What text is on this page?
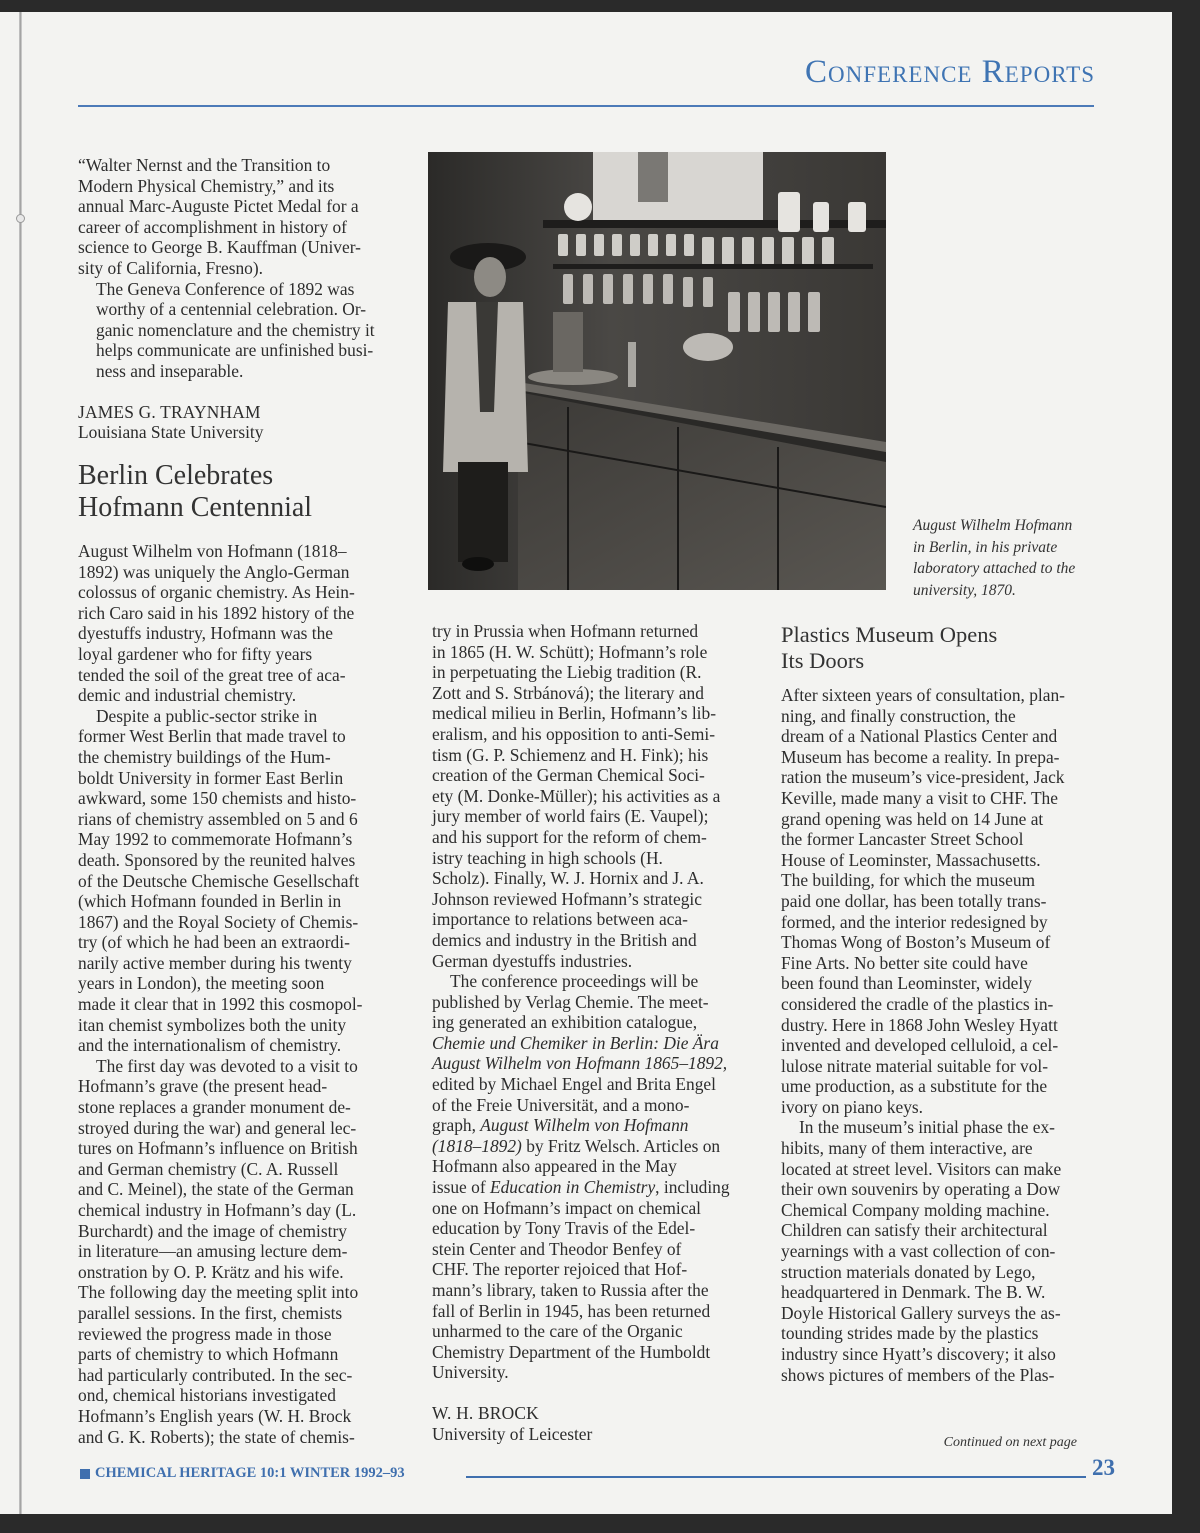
Conference Reports

“Walter Nernst and the Transition to
Modern Physical Chemistry,” and its
annual Marc-Auguste Pictet Medal for a
career of accomplishment in history of
science to George B. Kauffman (Univer-
sity of California, Fresno).

The Geneva Conference of 1892 was
worthy of a centennial celebration. Or-
ganic nomenclature and the chemistry it
helps communicate are unfinished busi-
ness and inseparable.

JAMES G. TRAYNHAM
Louisiana State University
Berlin Celebrates
Hofmann Centennial

August Wilhelm von Hofmann (1818–
1892) was uniquely the Anglo-German
colossus of organic chemistry. As Hein-
rich Caro said in his 1892 history of the
dyestuffs industry, Hofmann was the
loyal gardener who for fifty years
tended the soil of the great tree of aca-
demic and industrial chemistry.

Despite a public-sector strike in
former West Berlin that made travel to
the chemistry buildings of the Hum-
boldt University in former East Berlin
awkward, some 150 chemists and histo-
rians of chemistry assembled on 5 and 6
May 1992 to commemorate Hofmann’s
death. Sponsored by the reunited halves
of the Deutsche Chemische Gesellschaft
(which Hofmann founded in Berlin in
1867) and the Royal Society of Chemis-
try (of which he had been an extraordi-
narily active member during his twenty
years in London), the meeting soon
made it clear that in 1992 this cosmopol-
itan chemist symbolizes both the unity
and the internationalism of chemistry.

The first day was devoted to a visit to
Hofmann’s grave (the present head-
stone replaces a grander monument de-
stroyed during the war) and general lec-
tures on Hofmann’s influence on British
and German chemistry (C. A. Russell
and C. Meinel), the state of the German
chemical industry in Hofmann’s day (L.
Burchardt) and the image of chemistry
in literature—an amusing lecture dem-
onstration by O. P. Krätz and his wife.
The following day the meeting split into
parallel sessions. In the first, chemists
reviewed the progress made in those
parts of chemistry to which Hofmann
had particularly contributed. In the sec-
ond, chemical historians investigated
Hofmann’s English years (W. H. Brock
and G. K. Roberts); the state of chemis-

August Wilhelm Hofmann
in Berlin, in his private
laboratory attached to the
university, 1870.

try in Prussia when Hofmann returned
in 1865 (H. W. Schütt); Hofmann’s role
in perpetuating the Liebig tradition (R.
Zott and S. Strbánová); the literary and
medical milieu in Berlin, Hofmann’s lib-
eralism, and his opposition to anti-Semi-
tism (G. P. Schiemenz and H. Fink); his
creation of the German Chemical Soci-
ety (M. Donke-Müller); his activities as a
jury member of world fairs (E. Vaupel);
and his support for the reform of chem-
istry teaching in high schools (H.
Scholz). Finally, W. J. Hornix and J. A.
Johnson reviewed Hofmann’s strategic
importance to relations between aca-
demics and industry in the British and
German dyestuffs industries.

The conference proceedings will be
published by Verlag Chemie. The meet-
ing generated an exhibition catalogue,
Chemie und Chemiker in Berlin: Die Ära
August Wilhelm von Hofmann 1865–1892,
edited by Michael Engel and Brita Engel
of the Freie Universität, and a mono-
graph, August Wilhelm von Hofmann
(1818–1892) by Fritz Welsch. Articles on
Hofmann also appeared in the May
issue of Education in Chemistry, including
one on Hofmann’s impact on chemical
education by Tony Travis of the Edel-
stein Center and Theodor Benfey of
CHF. The reporter rejoiced that Hof-
mann’s library, taken to Russia after the
fall of Berlin in 1945, has been returned
unharmed to the care of the Organic
Chemistry Department of the Humboldt
University.

W. H. BROCK
University of Leicester
Plastics Museum Opens
Its Doors

After sixteen years of consultation, plan-
ning, and finally construction, the
dream of a National Plastics Center and
Museum has become a reality. In prepa-
ration the museum’s vice-president, Jack
Keville, made many a visit to CHF. The
grand opening was held on 14 June at
the former Lancaster Street School
House of Leominster, Massachusetts.
The building, for which the museum
paid one dollar, has been totally trans-
formed, and the interior redesigned by
Thomas Wong of Boston’s Museum of
Fine Arts. No better site could have
been found than Leominster, widely
considered the cradle of the plastics in-
dustry. Here in 1868 John Wesley Hyatt
invented and developed celluloid, a cel-
lulose nitrate material suitable for vol-
ume production, as a substitute for the
ivory on piano keys.

In the museum’s initial phase the ex-
hibits, many of them interactive, are
located at street level. Visitors can make
their own souvenirs by operating a Dow
Chemical Company molding machine.
Children can satisfy their architectural
yearnings with a vast collection of con-
struction materials donated by Lego,
headquartered in Denmark. The B. W.
Doyle Historical Gallery surveys the as-
tounding strides made by the plastics
industry since Hyatt’s discovery; it also
shows pictures of members of the Plas-

Continued on next page
CHEMICAL HERITAGE 10:1 WINTER 1992–93	23
